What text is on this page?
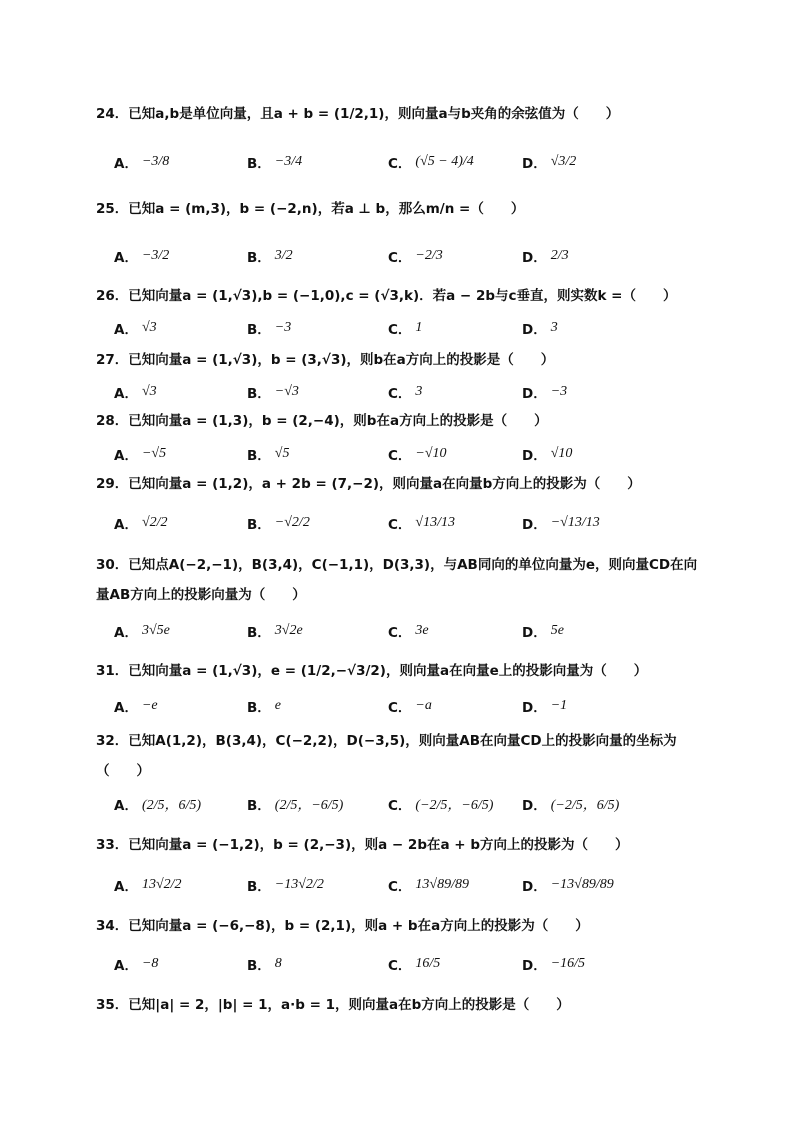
24．已知a,b是单位向量，且a + b = (1/2,1)，则向量a与b夹角的余弦值为（　　）
A． −3/8	B． −3/4	C． (√5 − 4)/4	D． √3/2
25．已知a = (m,3)，b = (−2,n)，若a ⊥ b，那么m/n =（　　）
A． −3/2	B． 3/2	C． −2/3	D． 2/3
26．已知向量a = (1,√3),b = (−1,0),c = (√3,k)．若a − 2b与c垂直，则实数k =（　　）
A． √3	B． −3	C． 1	D． 3
27．已知向量a = (1,√3)，b = (3,√3)，则b在a方向上的投影是（　　）
A． √3	B． −√3	C． 3	D． −3
28．已知向量a = (1,3)，b = (2,−4)，则b在a方向上的投影是（　　）
A． −√5	B． √5	C． −√10	D． √10
29．已知向量a = (1,2)，a + 2b = (7,−2)，则向量a在向量b方向上的投影为（　　）
A． √2/2	B． −√2/2	C． √13/13	D． −√13/13
30．已知点A(−2,−1)，B(3,4)，C(−1,1)，D(3,3)，与AB同向的单位向量为e，则向量CD在向量AB方向上的投影向量为（　　）
A． 3√5e	B． 3√2e	C． 3e	D． 5e
31．已知向量a = (1,√3)，e = (1/2,−√3/2)，则向量a在向量e上的投影向量为（　　）
A． −e	B． e	C． −a	D． −1
32．已知A(1,2)，B(3,4)，C(−2,2)，D(−3,5)，则向量AB在向量CD上的投影向量的坐标为（　　）
A． (2/5，6/5)	B． (2/5，−6/5)	C． (−2/5，−6/5) D． (−2/5，6/5)
33．已知向量a = (−1,2)，b = (2,−3)，则a − 2b在a + b方向上的投影为（　　）
A． 13√2/2	B． −13√2/2	C． 13√89/89	D． −13√89/89
34．已知向量a = (−6,−8)，b = (2,1)，则a + b在a方向上的投影为（　　）
A． −8	B． 8	C． 16/5	D． −16/5
35．已知|a| = 2，|b| = 1，a·b = 1，则向量a在b方向上的投影是（　　）
